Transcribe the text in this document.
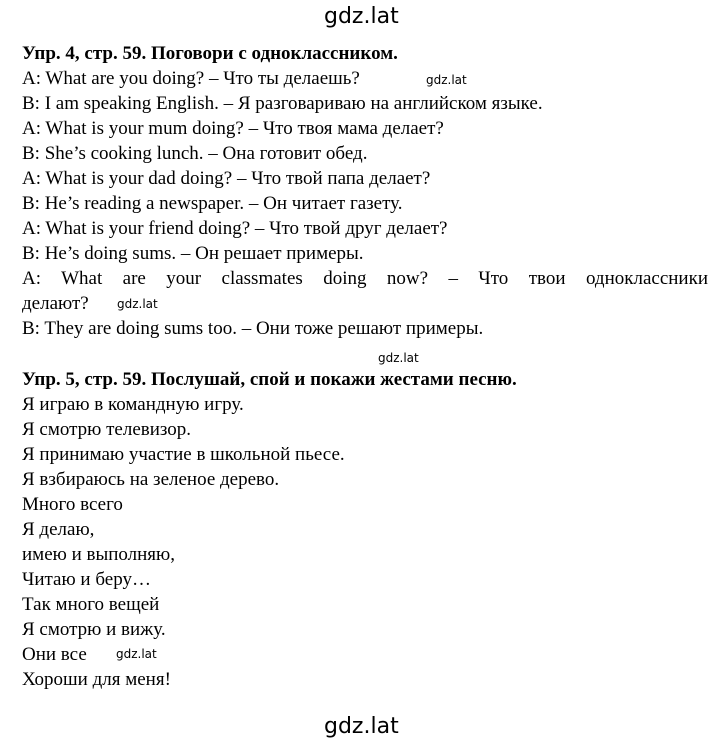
gdz.lat
Упр. 4, стр. 59. Поговори с одноклассником.
A: What are you doing? – Что ты делаешь?	gdz.lat
B: I am speaking English. – Я разговариваю на английском языке.
A: What is your mum doing? – Что твоя мама делает?
B: She’s cooking lunch. – Она готовит обед.
A: What is your dad doing? – Что твой папа делает?
B: He’s reading a newspaper. – Он читает газету.
A: What is your friend doing? – Что твой друг делает?
B: He’s doing sums. – Он решает примеры.
A: What are your classmates doing now? – Что твои одноклассники
делают? gdz.lat
B: They are doing sums too. – Они тоже решают примеры.
gdz.lat
Упр. 5, стр. 59. Послушай, спой и покажи жестами песню.
Я играю в командную игру.
Я смотрю телевизор.
Я принимаю участие в школьной пьесе.
Я взбираюсь на зеленое дерево.
Много всего
Я делаю,
имею и выполняю,
Читаю и беру…
Так много вещей
Я смотрю и вижу.
Они все gdz.lat
Хороши для меня!
gdz.lat
